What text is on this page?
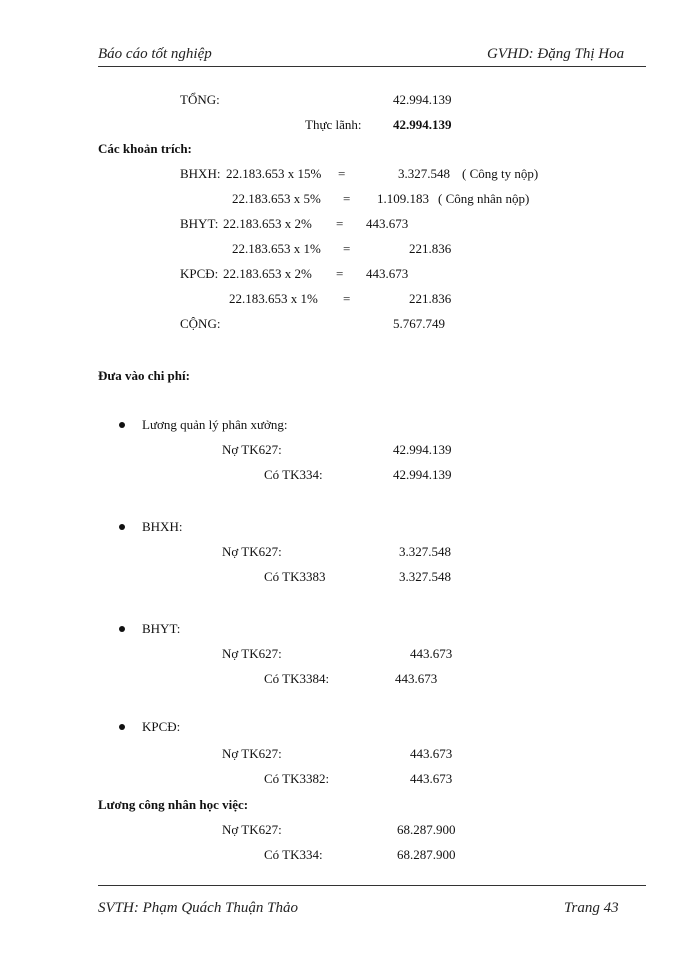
Báo cáo tốt nghiệp	GVHD: Đặng Thị Hoa
TỔNG:	42.994.139
Thực lãnh: 42.994.139
Các khoản trích:
BHXH: 22.183.653 x 15% =	3.327.548 ( Công ty nộp)
22.183.653 x 5% = 1.109.183 ( Công nhân nộp)
BHYT: 22.183.653 x 2% = 443.673
22.183.653 x 1% =	221.836
KPCĐ: 22.183.653 x 2% = 443.673
22.183.653 x 1% =	221.836
CỘNG:	5.767.749
Đưa vào chi phí:
Lương quản lý phân xưởng:
Nợ TK627:	42.994.139
Có TK334:	42.994.139
BHXH:
Nợ TK627:	3.327.548
Có TK3383	3.327.548
BHYT:
Nợ TK627:	443.673
Có TK3384:	443.673
KPCĐ:
Nợ TK627:	443.673
Có TK3382:	443.673
Lương công nhân học việc:
Nợ TK627:	68.287.900
Có TK334:	68.287.900
SVTH: Phạm Quách Thuận Thảo	Trang 43
